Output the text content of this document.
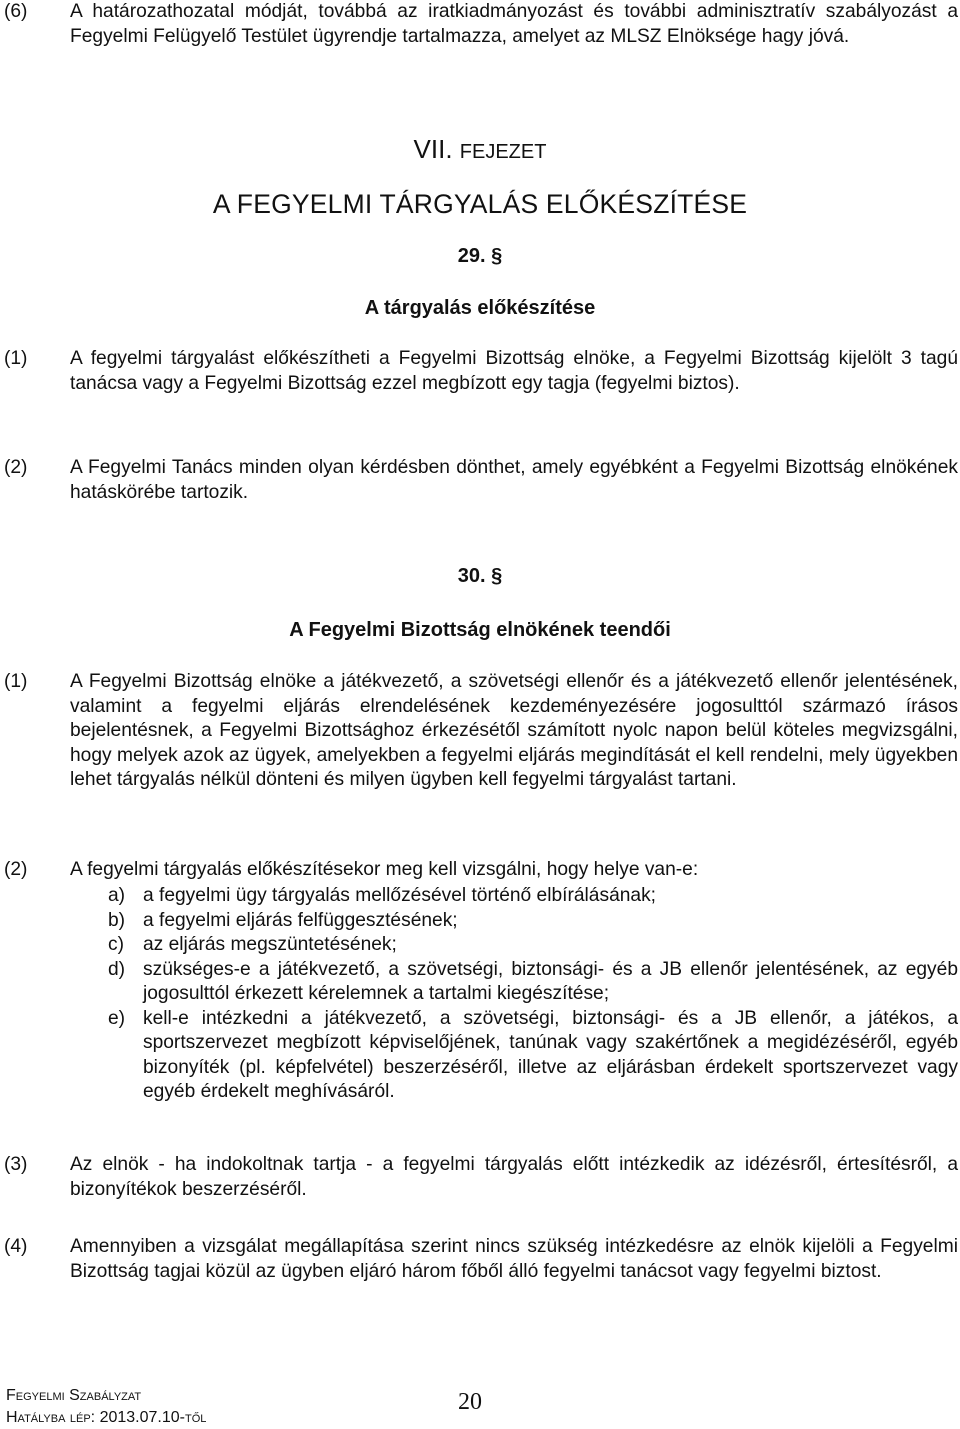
(6) A határozathozatal módját, továbbá az iratkiadmányozást és további adminisztratív szabályozást a Fegyelmi Felügyelő Testület ügyrendje tartalmazza, amelyet az MLSZ Elnöksége hagy jóvá.
VII. FEJEZET
A FEGYELMI TÁRGYALÁS ELŐKÉSZÍTÉSE
29. §
A tárgyalás előkészítése
(1) A fegyelmi tárgyalást előkészítheti a Fegyelmi Bizottság elnöke, a Fegyelmi Bizottság kijelölt 3 tagú tanácsa vagy a Fegyelmi Bizottság ezzel megbízott egy tagja (fegyelmi biztos).
(2) A Fegyelmi Tanács minden olyan kérdésben dönthet, amely egyébként a Fegyelmi Bizottság elnökének hatáskörébe tartozik.
30. §
A Fegyelmi Bizottság elnökének teendői
(1) A Fegyelmi Bizottság elnöke a játékvezető, a szövetségi ellenőr és a játékvezető ellenőr jelentésének, valamint a fegyelmi eljárás elrendelésének kezdeményezésére jogosulttól származó írásos bejelentésnek, a Fegyelmi Bizottsághoz érkezésétől számított nyolc napon belül köteles megvizsgálni, hogy melyek azok az ügyek, amelyekben a fegyelmi eljárás megindítását el kell rendelni, mely ügyekben lehet tárgyalás nélkül dönteni és milyen ügyben kell fegyelmi tárgyalást tartani.
(2) A fegyelmi tárgyalás előkészítésekor meg kell vizsgálni, hogy helye van-e:
a) a fegyelmi ügy tárgyalás mellőzésével történő elbírálásának;
b) a fegyelmi eljárás felfüggesztésének;
c) az eljárás megszüntetésének;
d) szükséges-e a játékvezető, a szövetségi, biztonsági- és a JB ellenőr jelentésének, az egyéb jogosulttól érkezett kérelemnek a tartalmi kiegészítése;
e) kell-e intézkedni a játékvezető, a szövetségi, biztonsági- és a JB ellenőr, a játékos, a sportszervezet megbízott képviselőjének, tanúnak vagy szakértőnek a megidézéséről, egyéb bizonyíték (pl. képfelvétel) beszerzéséről, illetve az eljárásban érdekelt sportszervezet vagy egyéb érdekelt meghívásáról.
(3) Az elnök - ha indokoltnak tartja - a fegyelmi tárgyalás előtt intézkedik az idézésről, értesítésről, a bizonyítékok beszerzéséről.
(4) Amennyiben a vizsgálat megállapítása szerint nincs szükség intézkedésre az elnök kijelöli a Fegyelmi Bizottság tagjai közül az ügyben eljáró három főből álló fegyelmi tanácsot vagy fegyelmi biztost.
Fegyelmi Szabályzat
Hatályba lép: 2013.07.10-től
20
